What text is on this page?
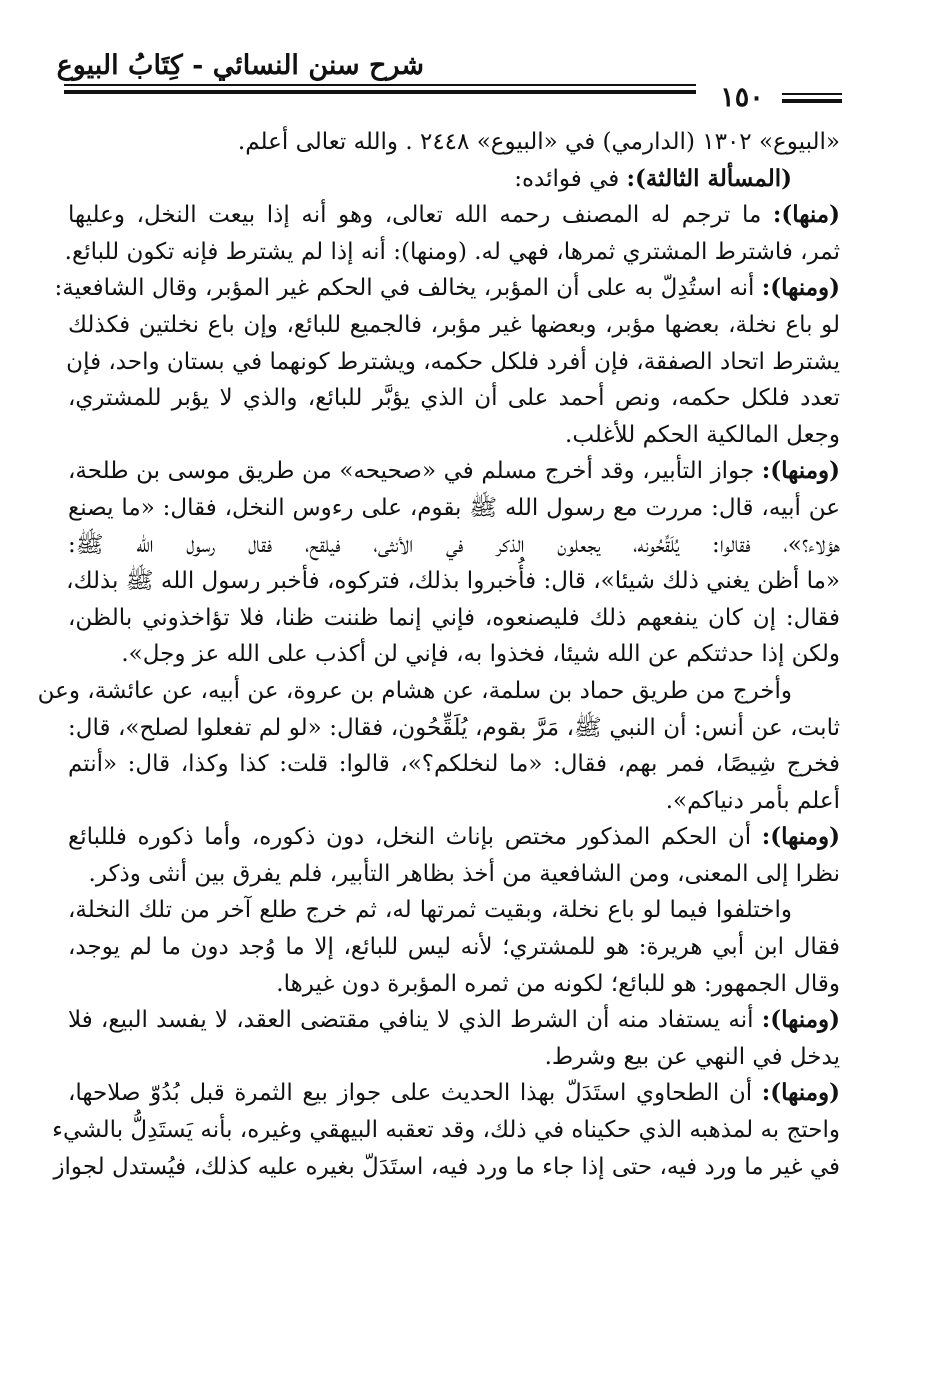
شرح سنن النسائي - كِتَابُ البيوع
١٥٠
«البيوع» ١٣٠٢ (الدارمي) في «البيوع» ٢٤٤٨ . والله تعالى أعلم.
(المسألة الثالثة): في فوائده:
(منها): ما ترجم له المصنف رحمه الله تعالى، وهو أنه إذا بيعت النخل، وعليها
ثمر، فاشترط المشتري ثمرها، فهي له. (ومنها): أنه إذا لم يشترط فإنه تكون للبائع.
(ومنها): أنه استُدِلّ به على أن المؤبر، يخالف في الحكم غير المؤبر، وقال الشافعية:
لو باع نخلة، بعضها مؤبر، وبعضها غير مؤبر، فالجميع للبائع، وإن باع نخلتين فكذلك
يشترط اتحاد الصفقة، فإن أفرد فلكل حكمه، ويشترط كونهما في بستان واحد، فإن
تعدد فلكل حكمه، ونص أحمد على أن الذي يؤبَّر للبائع، والذي لا يؤبر للمشتري،
وجعل المالكية الحكم للأغلب.
(ومنها): جواز التأبير، وقد أخرج مسلم في «صحيحه» من طريق موسى بن طلحة،
عن أبيه، قال: مررت مع رسول الله ﷺ بقوم، على رءوس النخل، فقال: «ما يصنع
هؤلاء؟»، فقالوا: يُلَقِّحُونه، يجعلون الذكر في الأنثى، فيلقح، فقال رسول الله ﷺ:
«ما أظن يغني ذلك شيئا»، قال: فأُخبروا بذلك، فتركوه، فأخبر رسول الله ﷺ بذلك،
فقال: إن كان ينفعهم ذلك فليصنعوه، فإني إنما ظننت ظنا، فلا تؤاخذوني بالظن،
ولكن إذا حدثتكم عن الله شيئا، فخذوا به، فإني لن أكذب على الله عز وجل».
وأخرج من طريق حماد بن سلمة، عن هشام بن عروة، عن أبيه، عن عائشة، وعن
ثابت، عن أنس: أن النبي ﷺ، مَرَّ بقوم، يُلَقِّحُون، فقال: «لو لم تفعلوا لصلح»، قال:
فخرج شِيصًا، فمر بهم، فقال: «ما لنخلكم؟»، قالوا: قلت: كذا وكذا، قال: «أنتم
أعلم بأمر دنياكم».
(ومنها): أن الحكم المذكور مختص بإناث النخل، دون ذكوره، وأما ذكوره فللبائع
نظرا إلى المعنى، ومن الشافعية من أخذ بظاهر التأبير، فلم يفرق بين أنثى وذكر.
واختلفوا فيما لو باع نخلة، وبقيت ثمرتها له، ثم خرج طلع آخر من تلك النخلة،
فقال ابن أبي هريرة: هو للمشتري؛ لأنه ليس للبائع، إلا ما وُجد دون ما لم يوجد،
وقال الجمهور: هو للبائع؛ لكونه من ثمره المؤبرة دون غيرها.
(ومنها): أنه يستفاد منه أن الشرط الذي لا ينافي مقتضى العقد، لا يفسد البيع، فلا
يدخل في النهي عن بيع وشرط.
(ومنها): أن الطحاوي استَدَلّ بهذا الحديث على جواز بيع الثمرة قبل بُدُوّ صلاحها،
واحتج به لمذهبه الذي حكيناه في ذلك، وقد تعقبه البيهقي وغيره، بأنه يَستَدِلُّ بالشيء
في غير ما ورد فيه، حتى إذا جاء ما ورد فيه، استَدَلّ بغيره عليه كذلك، فيُستدل لجواز
